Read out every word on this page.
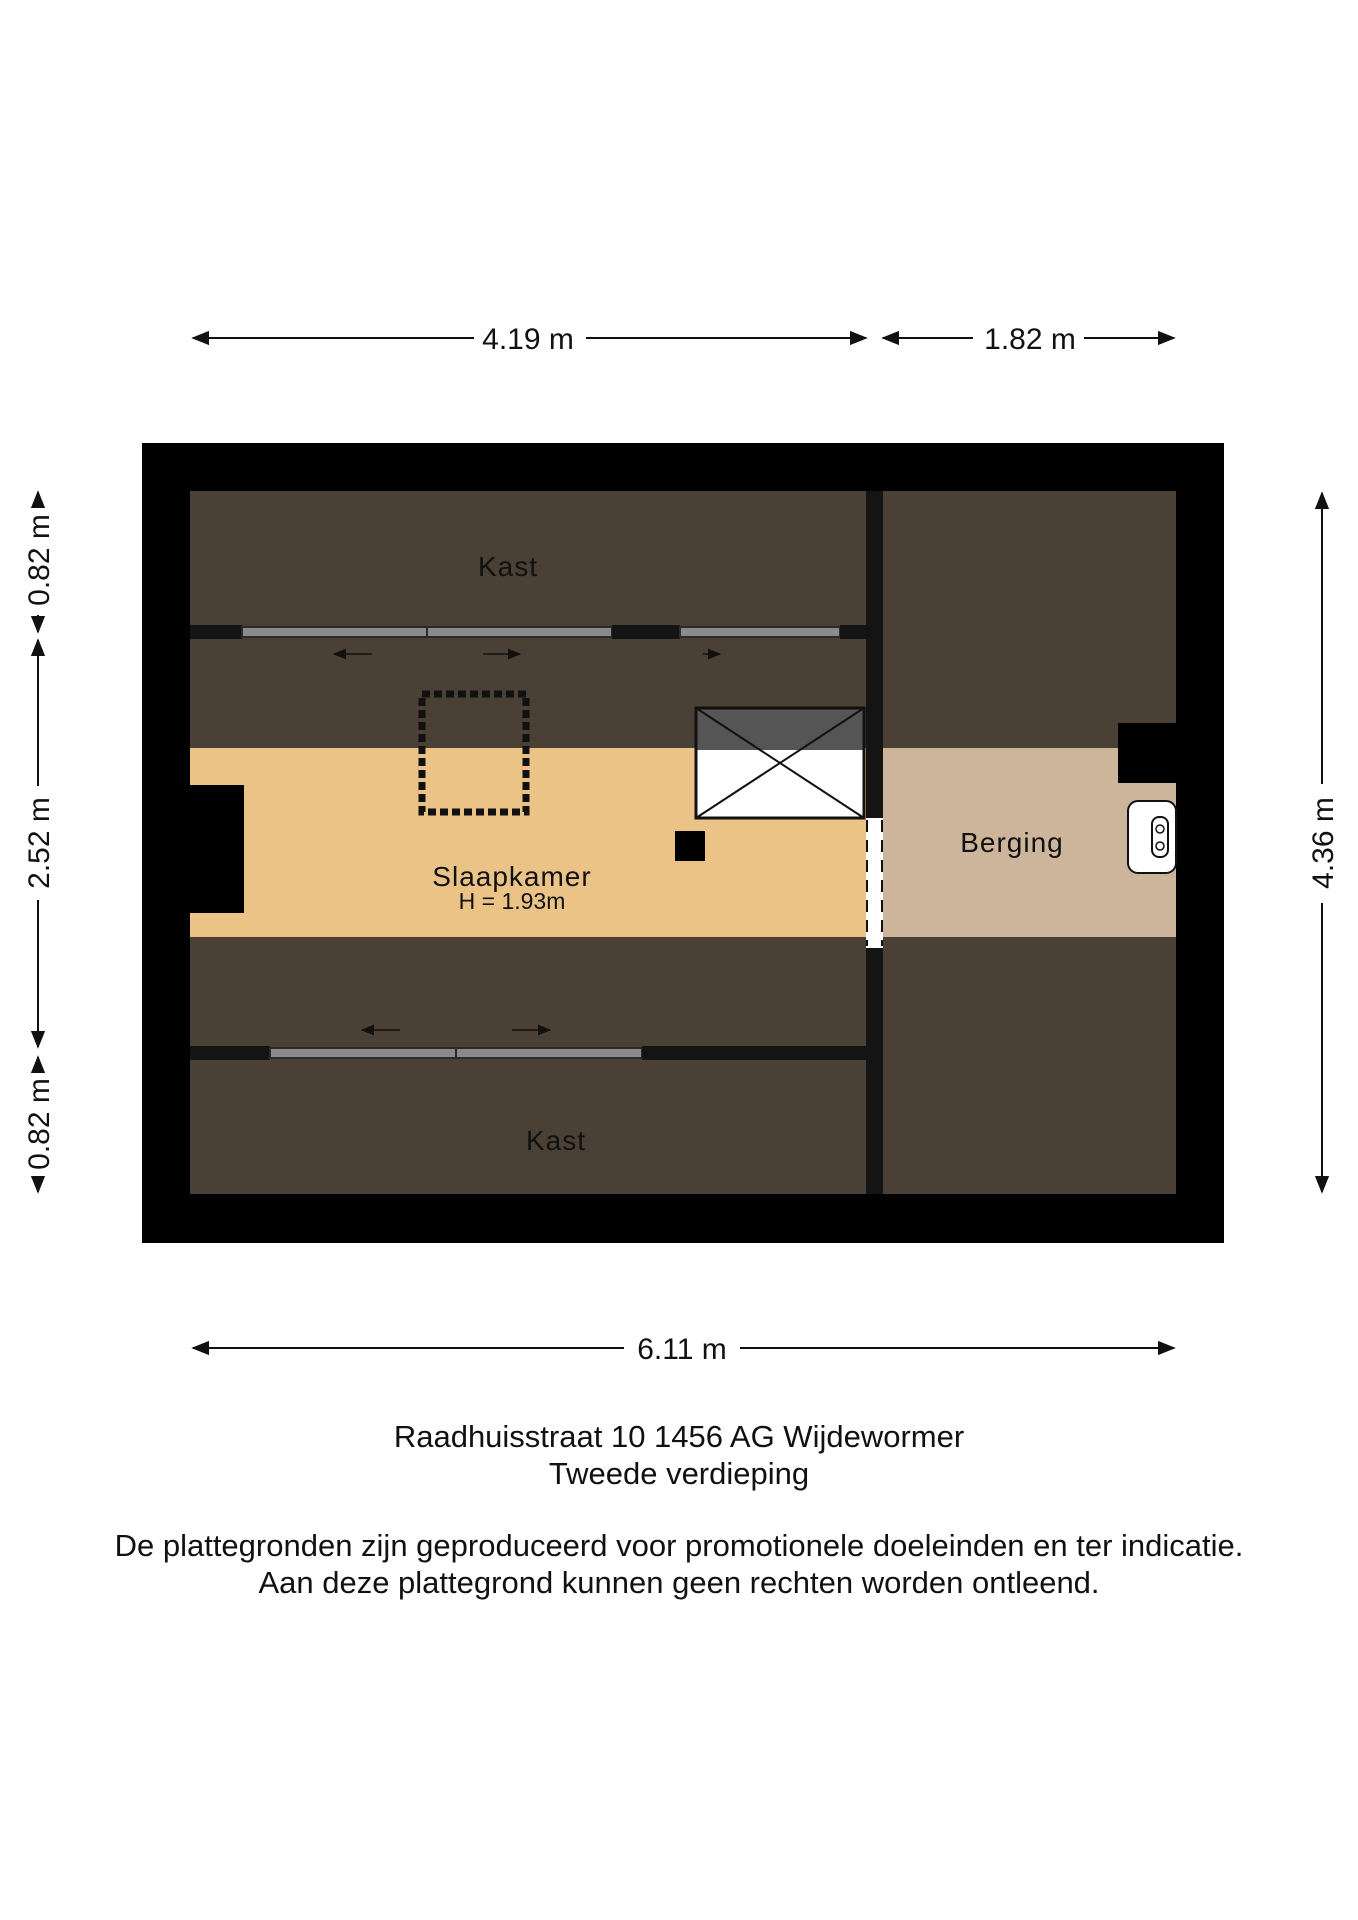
Kast
Slaapkamer
H = 1.93m
Berging
Kast
4.19 m	1.82 m
6.11 m
0.82 m
2.52 m
0.82 m
4.36 m
Raadhuisstraat 10 1456 AG Wijdewormer
Tweede verdieping
De plattegronden zijn geproduceerd voor promotionele doeleinden en ter indicatie.
Aan deze plattegrond kunnen geen rechten worden ontleend.
